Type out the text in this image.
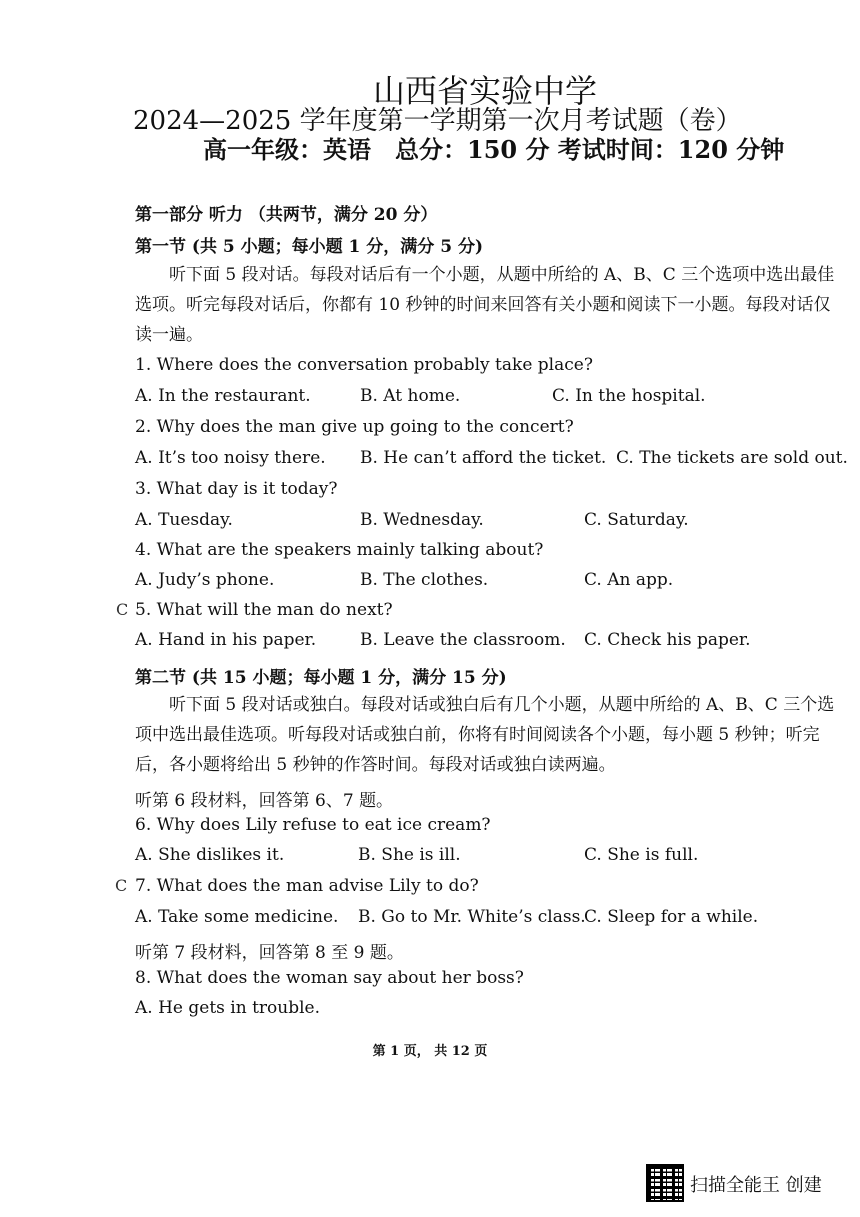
山西省实验中学
2024—2025 学年度第一学期第一次月考试题（卷）
高一年级：英语　总分：150 分 考试时间：120 分钟
第一部分 听力 （共两节，满分 20 分）
第一节 (共 5 小题；每小题 1 分，满分 5 分)
听下面 5 段对话。每段对话后有一个小题，从题中所给的 A、B、C 三个选项中选出最佳选项。听完每段对话后，你都有 10 秒钟的时间来回答有关小题和阅读下一小题。每段对话仅读一遍。
1. Where does the conversation probably take place?
A. In the restaurant.	B. At home.	C. In the hospital.
2. Why does the man give up going to the concert?
A. It’s too noisy there. B. He can’t afford the ticket. C. The tickets are sold out.
3. What day is it today?
A. Tuesday.	B. Wednesday.	C. Saturday.
4. What are the speakers mainly talking about?
A. Judy’s phone.	B. The clothes.	C. An app.
C 5. What will the man do next?
A. Hand in his paper.	B. Leave the classroom. C. Check his paper.
第二节 (共 15 小题；每小题 1 分，满分 15 分)
听下面 5 段对话或独白。每段对话或独白后有几个小题，从题中所给的 A、B、C 三个选项中选出最佳选项。听每段对话或独白前，你将有时间阅读各个小题，每小题 5 秒钟；听完后，各小题将给出 5 秒钟的作答时间。每段对话或独白读两遍。
听第 6 段材料，回答第 6、7 题。
6. Why does Lily refuse to eat ice cream?
A. She dislikes it.	B. She is ill.	C. She is full.
C 7. What does the man advise Lily to do?
A. Take some medicine. B. Go to Mr. White’s class.
C. Sleep for a while.
听第 7 段材料，回答第 8 至 9 题。
8. What does the woman say about her boss?
A. He gets in trouble.
第 1 页， 共 12 页
扫描全能王 创建
